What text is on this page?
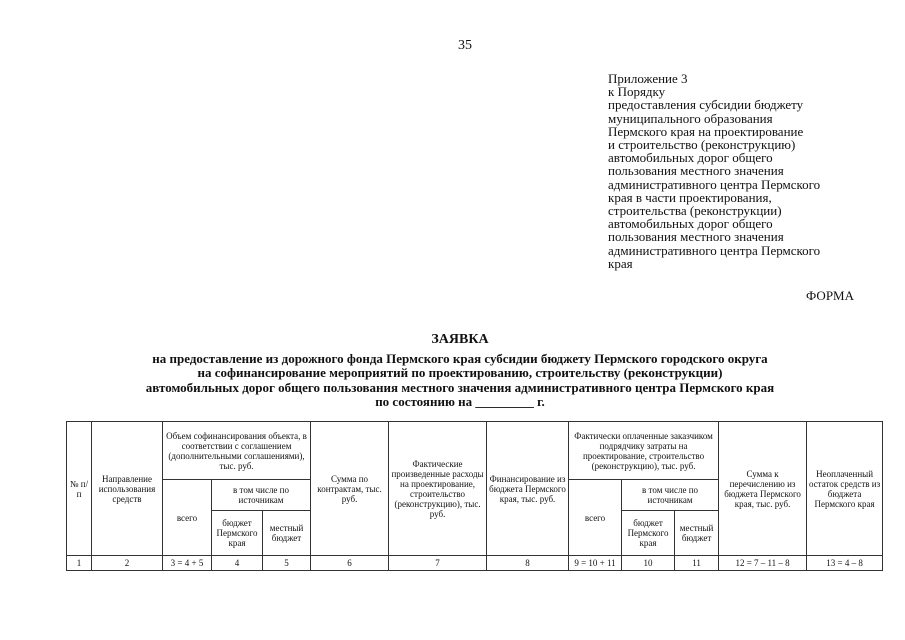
35
Приложение 3
к Порядку
предоставления субсидии бюджету
муниципального образования
Пермского края на проектирование
и строительство (реконструкцию)
автомобильных дорог общего
пользования местного значения
административного центра Пермского
края в части проектирования,
строительства (реконструкции)
автомобильных дорог общего
пользования местного значения
административного центра Пермского
края
ФОРМА
ЗАЯВКА
на предоставление из дорожного фонда Пермского края субсидии бюджету Пермского городского округа
на софинансирование мероприятий по проектированию, строительству (реконструкции)
автомобильных дорог общего пользования местного значения административного центра Пермского края
по состоянию на _________ г.
№ п/п	Направление использования средств	Объем софинансирования объекта, в соответствии с соглашением (дополнительными соглашениями), тыс. руб.			Сумма по контрактам, тыс. руб.	Фактические произведенные расходы на проектирование, строительство (реконструкцию), тыс. руб.	Финансирование из бюджета Пермского края, тыс. руб.	Фактически оплаченные заказчиком подрядчику затраты на проектирование, строительство (реконструкцию), тыс. руб.			Сумма к перечислению из бюджета Пермского края, тыс. руб.	Неоплаченный остаток средств из бюджета Пермского края
		всего	в том числе по источникам					всего	в том числе по источникам			
			бюджет Пермского края	местный бюджет					бюджет Пермского края	местный бюджет		
1	2	3 = 4 + 5	4	5	6	7	8	9 = 10 + 11	10	11	12 = 7 – 11 – 8	13 = 4 – 8
